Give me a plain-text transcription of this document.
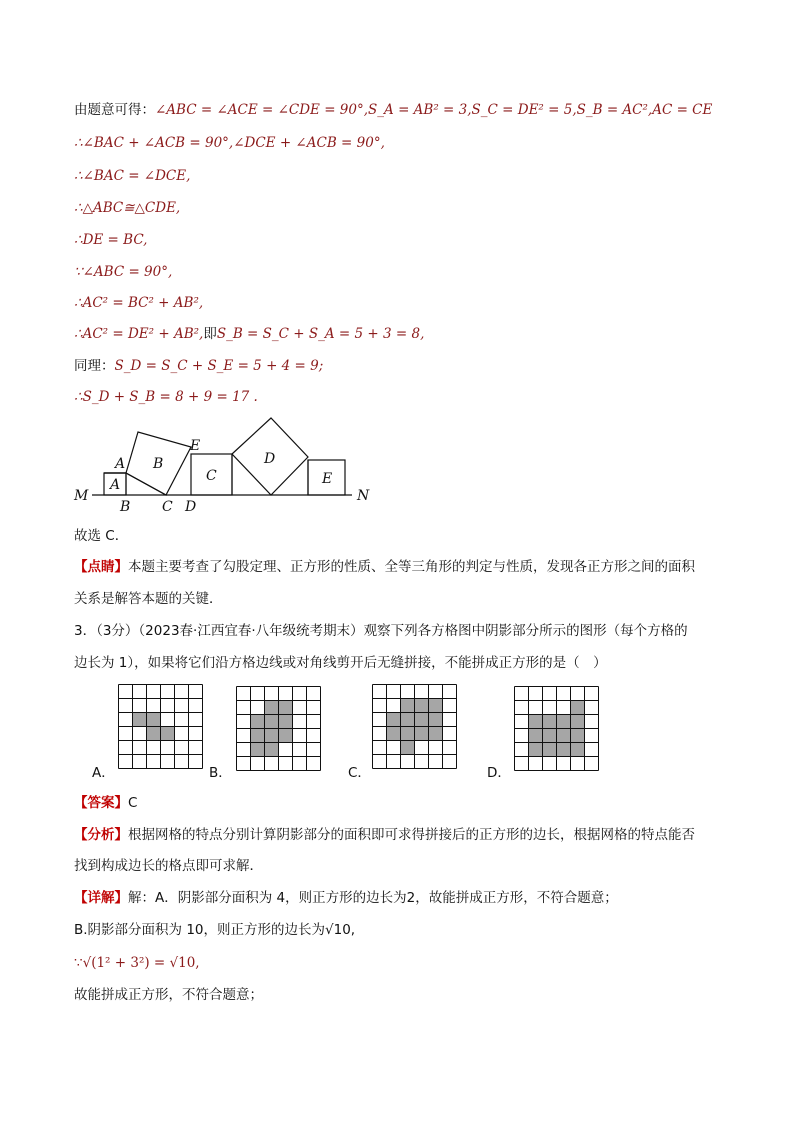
由题意可得：∠ABC = ∠ACE = ∠CDE = 90°,S_A = AB² = 3,S_C = DE² = 5,S_B = AC²,AC = CE
∴∠BAC + ∠ACB = 90°,∠DCE + ∠ACB = 90°,
∴∠BAC = ∠DCE,
∴△ABC≅△CDE,
∴DE = BC,
∵∠ABC = 90°,
∴AC² = BC² + AB²,
∴AC² = DE² + AB²,即S_B = S_C + S_A = 5 + 3 = 8,
同理：S_D = S_C + S_E = 5 + 4 = 9;
∴S_D + S_B = 8 + 9 = 17 .
A
A B
B C
C
D
D
E
E
M	N
故选 C．
【点睛】本题主要考查了勾股定理、正方形的性质、全等三角形的判定与性质，发现各正方形之间的面积
关系是解答本题的关键．
3．（3分）（2023春·江西宜春·八年级统考期末）观察下列各方格图中阴影部分所示的图形（每个方格的
边长为 1），如果将它们沿方格边线或对角线剪开后无缝拼接，不能拼成正方形的是（　）
A．	B．	C．	D．
【答案】C
【分析】根据网格的特点分别计算阴影部分的面积即可求得拼接后的正方形的边长，根据网格的特点能否
找到构成边长的格点即可求解．
【详解】解：A．阴影部分面积为 4，则正方形的边长为2，故能拼成正方形，不符合题意；
B.阴影部分面积为 10，则正方形的边长为√10,
∵√(1² + 3²) = √10,
故能拼成正方形，不符合题意；
